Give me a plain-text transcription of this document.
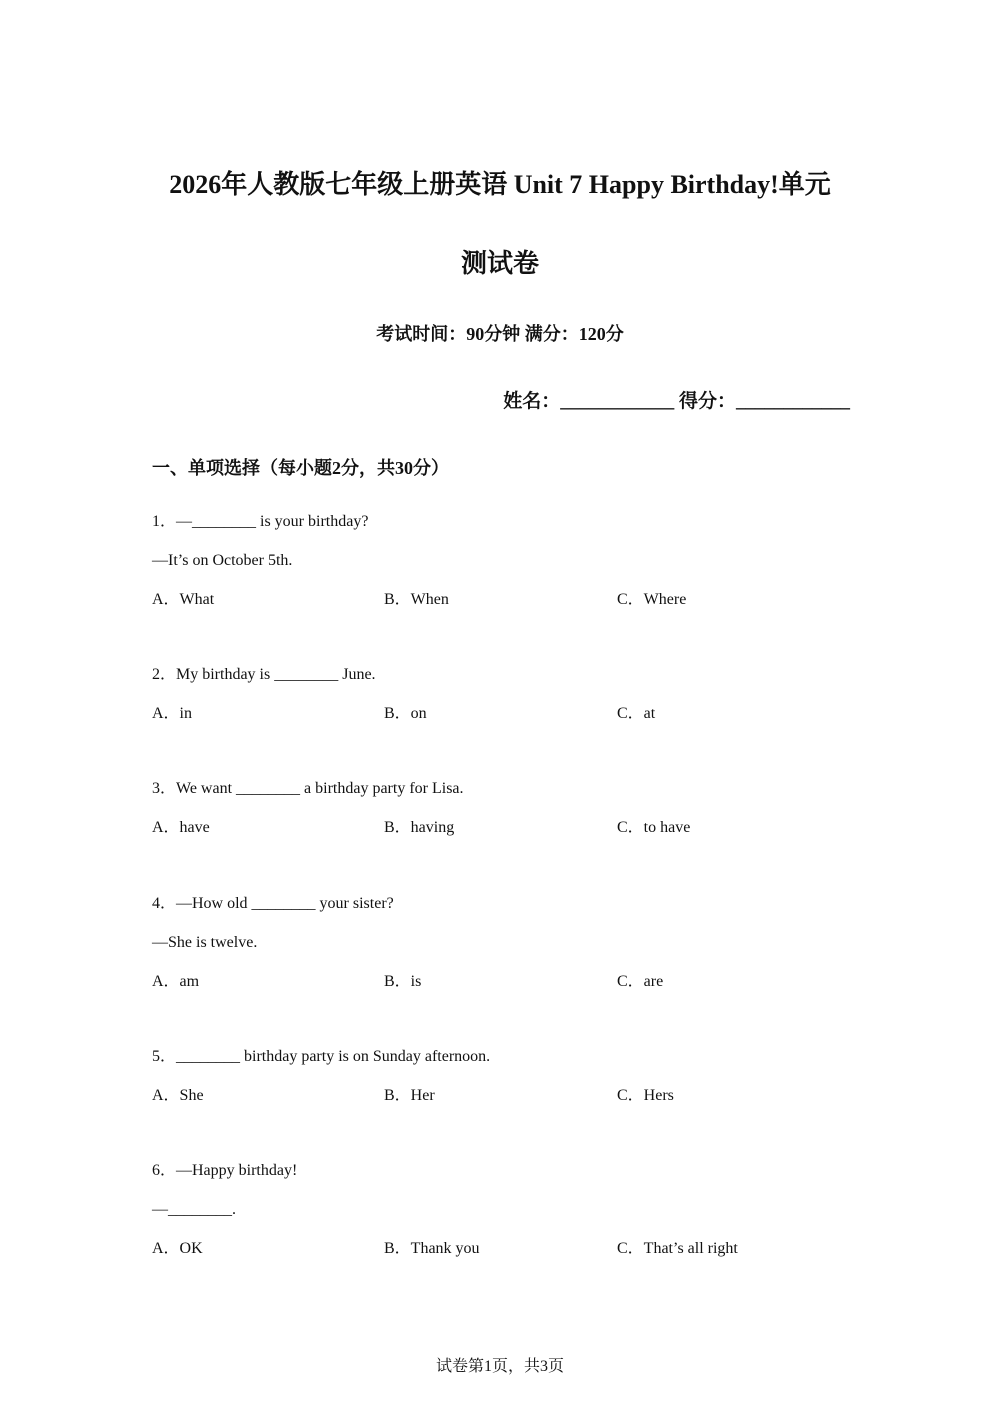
2026年人教版七年级上册英语 Unit 7 Happy Birthday!单元
测试卷
考试时间：90分钟 满分：120分
姓名：____________ 得分：____________
一、单项选择（每小题2分，共30分）
1．—________ is your birthday?
—It’s on October 5th.
A．What	B．When	C．Where
2．My birthday is ________ June.
A．in	B．on	C．at
3．We want ________ a birthday party for Lisa.
A．have	B．having	C．to have
4．—How old ________ your sister?
—She is twelve.
A．am	B．is	C．are
5．________ birthday party is on Sunday afternoon.
A．She	B．Her	C．Hers
6．—Happy birthday!
—________.
A．OK	B．Thank you	C．That’s all right
试卷第1页，共3页
